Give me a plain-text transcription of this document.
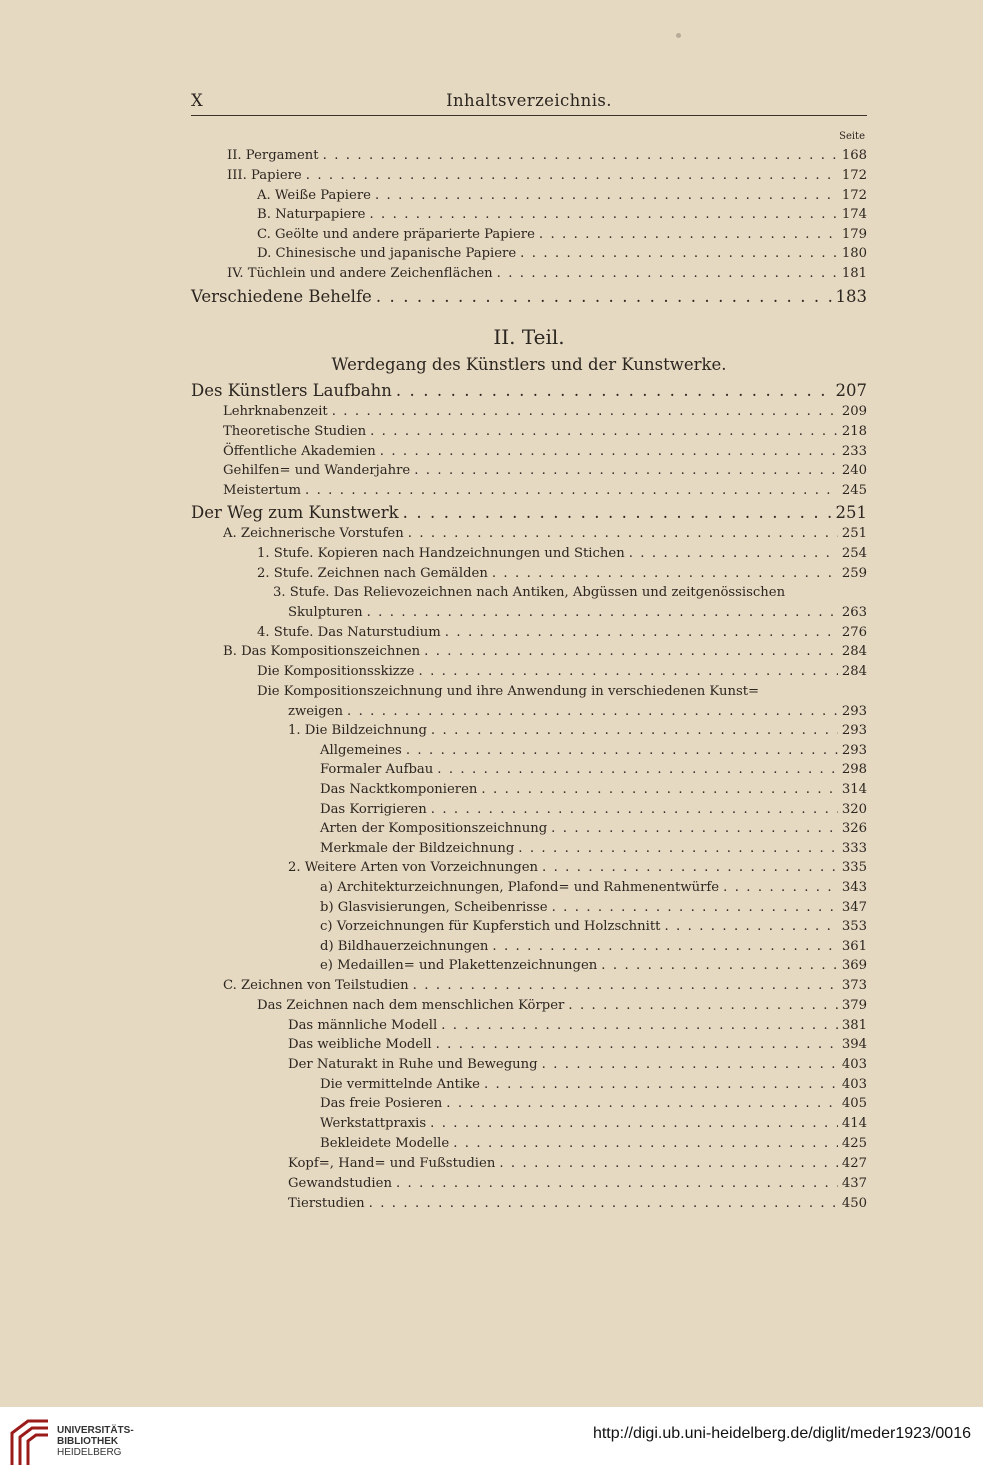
X	Inhaltsverzeichnis.
Seite
II. Teil.
Werdegang des Künstlers und der Kunstwerke.
II. Pergament . . .	168
III. Papiere . . .	172
A. Weiße Papiere . . .	172
B. Naturpapiere . . .	174
C. Geölte und andere präparierte Papiere . . .	179
D. Chinesische und japanische Papiere . . .	180
IV. Tüchlein und andere Zeichenflächen . . .	181
Verschiedene Behelfe . . .	183
Des Künstlers Laufbahn . . .	207
Lehrknabenzeit . . .	209
Theoretische Studien . . .	218
Öffentliche Akademien . . .	233
Gehilfen= und Wanderjahre . . .	240
Meistertum . . .	245
Der Weg zum Kunstwerk . . .	251
A. Zeichnerische Vorstufen . . .	251
1. Stufe. Kopieren nach Handzeichnungen und Stichen . . .	254
2. Stufe. Zeichnen nach Gemälden . . .	259
3. Stufe. Das Relievozeichnen nach Antiken, Abgüssen und zeitgenössischen
Skulpturen . . .	263
4. Stufe. Das Naturstudium . . .	276
B. Das Kompositionszeichnen . . .	284
Die Kompositionsskizze . . .	284
Die Kompositionszeichnung und ihre Anwendung in verschiedenen Kunst=
zweigen . . .	293
1. Die Bildzeichnung . . .	293
Allgemeines . . .	293
Formaler Aufbau . . .	298
Das Nacktkomponieren . . .	314
Das Korrigieren . . .	320
Arten der Kompositionszeichnung . . .	326
Merkmale der Bildzeichnung . . .	333
2. Weitere Arten von Vorzeichnungen . . .	335
a) Architekturzeichnungen, Plafond= und Rahmenentwürfe . . .	343
b) Glasvisierungen, Scheibenrisse . . .	347
c) Vorzeichnungen für Kupferstich und Holzschnitt . . .	353
d) Bildhauerzeichnungen . . .	361
e) Medaillen= und Plakettenzeichnungen . . .	369
C. Zeichnen von Teilstudien . . .	373
Das Zeichnen nach dem menschlichen Körper . . .	379
Das männliche Modell . . .	381
Das weibliche Modell . . .	394
Der Naturakt in Ruhe und Bewegung . . .	403
Die vermittelnde Antike . . .	403
Das freie Posieren . . .	405
Werkstattpraxis . . .	414
Bekleidete Modelle . . .	425
Kopf=, Hand= und Fußstudien . . .	427
Gewandstudien . . .	437
Tierstudien . . .	450
UNIVERSITÄTS-
BIBLIOTHEK
HEIDELBERG
http://digi.ub.uni-heidelberg.de/diglit/meder1923/0016
